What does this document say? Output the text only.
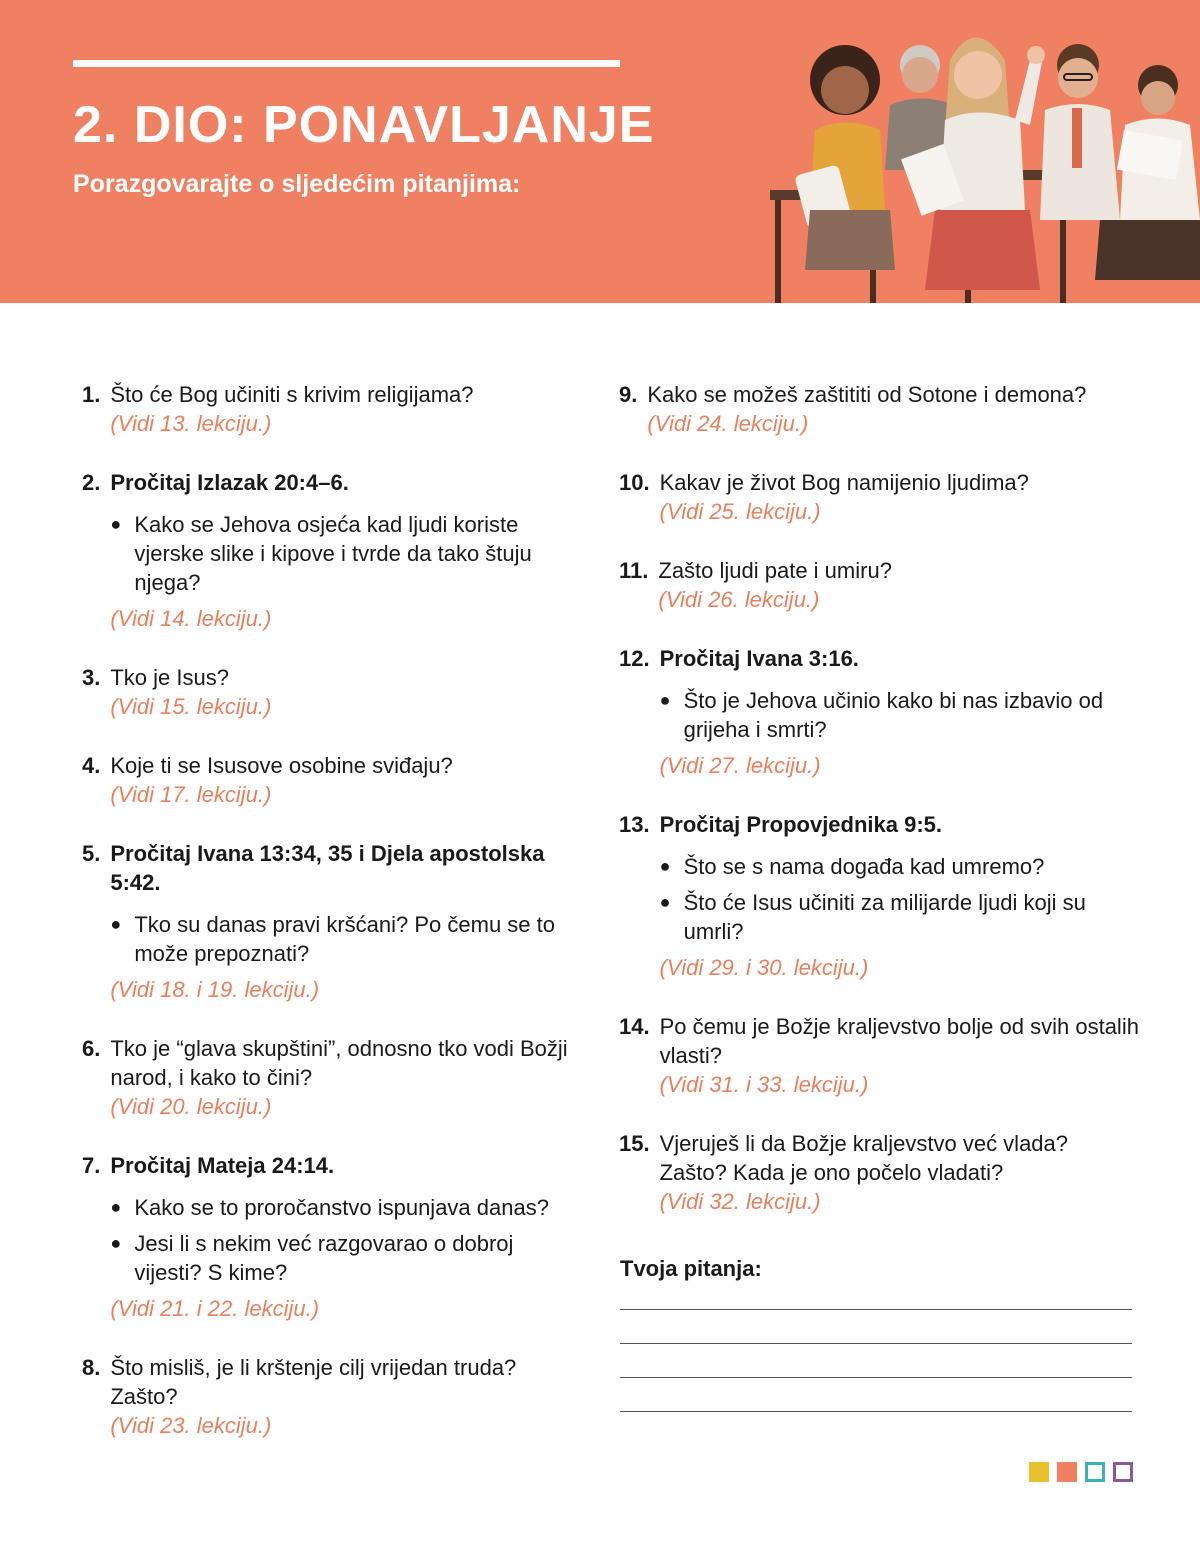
2. DIO: PONAVLJANJE
Porazgovarajte o sljedećim pitanjima:
1. Što će Bog učiniti s krivim religijama?
(Vidi 13. lekciju.)
2. Pročitaj Izlazak 20:4–6.
● Kako se Jehova osjeća kad ljudi koriste vjerske slike i kipove i tvrde da tako štuju njega?
(Vidi 14. lekciju.)
3. Tko je Isus?
(Vidi 15. lekciju.)
4. Koje ti se Isusove osobine sviđaju?
(Vidi 17. lekciju.)
5. Pročitaj Ivana 13:34, 35 i Djela apostolska 5:42.
● Tko su danas pravi kršćani? Po čemu se to može prepoznati?
(Vidi 18. i 19. lekciju.)
6. Tko je “glava skupštini”, odnosno tko vodi Božji narod, i kako to čini?
(Vidi 20. lekciju.)
7. Pročitaj Mateja 24:14.
● Kako se to proročanstvo ispunjava danas?
● Jesi li s nekim već razgovarao o dobroj vijesti? S kime?
(Vidi 21. i 22. lekciju.)
8. Što misliš, je li krštenje cilj vrijedan truda? Zašto?
(Vidi 23. lekciju.)
9. Kako se možeš zaštititi od Sotone i demona?
(Vidi 24. lekciju.)
10. Kakav je život Bog namijenio ljudima?
(Vidi 25. lekciju.)
11. Zašto ljudi pate i umiru?
(Vidi 26. lekciju.)
12. Pročitaj Ivana 3:16.
● Što je Jehova učinio kako bi nas izbavio od grijeha i smrti?
(Vidi 27. lekciju.)
13. Pročitaj Propovjednika 9:5.
● Što se s nama događa kad umremo?
● Što će Isus učiniti za milijarde ljudi koji su umrli?
(Vidi 29. i 30. lekciju.)
14. Po čemu je Božje kraljevstvo bolje od svih ostalih vlasti?
(Vidi 31. i 33. lekciju.)
15. Vjeruješ li da Božje kraljevstvo već vlada? Zašto? Kada je ono počelo vladati?
(Vidi 32. lekciju.)
Tvoja pitanja:
